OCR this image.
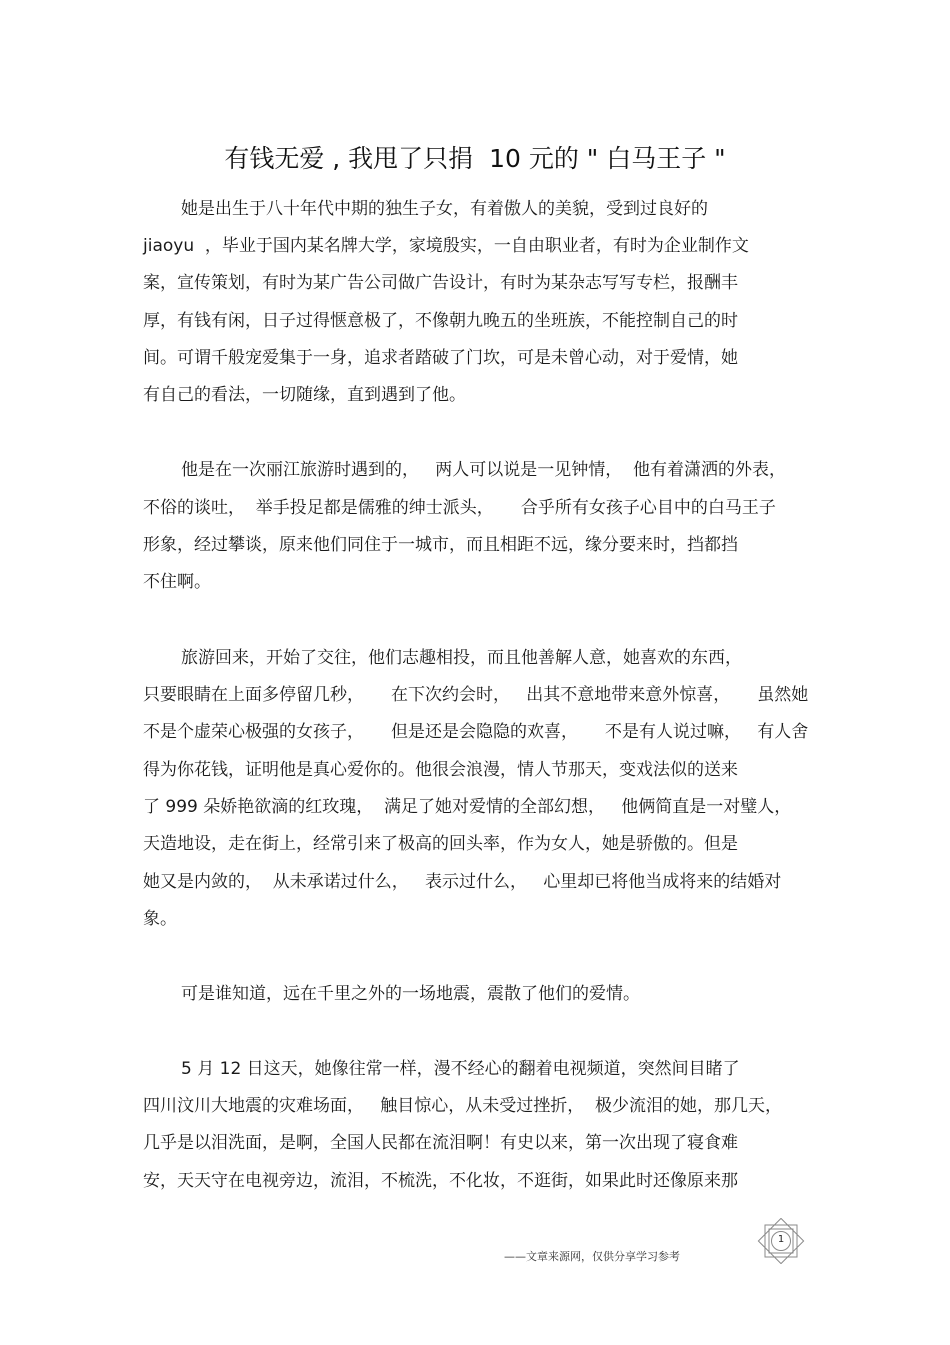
有钱无爱 , 我甩了只捐  10 元的 " 白马王子 "

她是出生于八十年代中期的独生子女，有着傲人的美貌，受到过良好的

jiaoyu  ，毕业于国内某名牌大学，家境殷实，一自由职业者，有时为企业制作文

案，宣传策划，有时为某广告公司做广告设计，有时为某杂志写写专栏，报酬丰

厚，有钱有闲，日子过得惬意极了，不像朝九晚五的坐班族，不能控制自己的时

间。可谓千般宠爱集于一身，追求者踏破了门坎，可是未曾心动，对于爱情，她

有自己的看法，一切随缘，直到遇到了他。

他是在一次丽江旅游时遇到的，   两人可以说是一见钟情，  他有着潇洒的外表，

不俗的谈吐，  举手投足都是儒雅的绅士派头，     合乎所有女孩子心目中的白马王子

形象，经过攀谈，原来他们同住于一城市，而且相距不远，缘分要来时，挡都挡

不住啊。

旅游回来，开始了交往，他们志趣相投，而且他善解人意，她喜欢的东西，

只要眼睛在上面多停留几秒，     在下次约会时，   出其不意地带来意外惊喜，     虽然她

不是个虚荣心极强的女孩子，     但是还是会隐隐的欢喜，     不是有人说过嘛，   有人舍

得为你花钱，证明他是真心爱你的。他很会浪漫，情人节那天，变戏法似的送来

了 999 朵娇艳欲滴的红玫瑰，  满足了她对爱情的全部幻想，   他俩简直是一对璧人，

天造地设，走在街上，经常引来了极高的回头率，作为女人，她是骄傲的。但是

她又是内敛的，  从未承诺过什么，   表示过什么，   心里却已将他当成将来的结婚对

象。

可是谁知道，远在千里之外的一场地震，震散了他们的爱情。

5 月 12 日这天，她像往常一样，漫不经心的翻着电视频道，突然间目睹了

四川汶川大地震的灾难场面，   触目惊心，从未受过挫折，  极少流泪的她，那几天，

几乎是以泪洗面，是啊，全国人民都在流泪啊！有史以来，第一次出现了寝食难

安，天天守在电视旁边，流泪，不梳洗，不化妆，不逛街，如果此时还像原来那

——文章来源网，仅供分享学习参考
1
